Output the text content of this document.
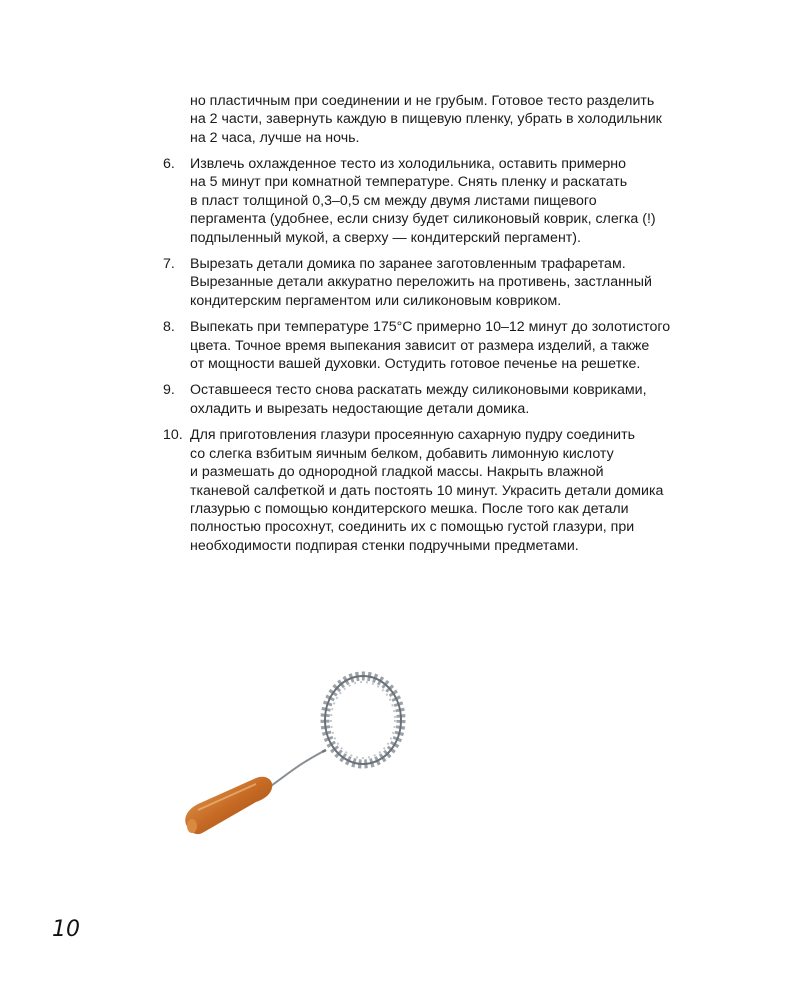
но пластичным при соединении и не грубым. Готовое тесто разделить
на 2 части, завернуть каждую в пищевую пленку, убрать в холодильник
на 2 часа, лучше на ночь.
6. Извлечь охлажденное тесто из холодильника, оставить примерно
на 5 минут при комнатной температуре. Снять пленку и раскатать
в пласт толщиной 0,3–0,5 см между двумя листами пищевого
пергамента (удобнее, если снизу будет силиконовый коврик, слегка (!)
подпыленный мукой, а сверху — кондитерский пергамент).
7. Вырезать детали домика по заранее заготовленным трафаретам.
Вырезанные детали аккуратно переложить на противень, застланный
кондитерским пергаментом или силиконовым ковриком.
8. Выпекать при температуре 175°С примерно 10–12 минут до золотистого
цвета. Точное время выпекания зависит от размера изделий, а также
от мощности вашей духовки. Остудить готовое печенье на решетке.
9. Оставшееся тесто снова раскатать между силиконовыми ковриками,
охладить и вырезать недостающие детали домика.
10. Для приготовления глазури просеянную сахарную пудру соединить
со слегка взбитым яичным белком, добавить лимонную кислоту
и размешать до однородной гладкой массы. Накрыть влажной
тканевой салфеткой и дать постоять 10 минут. Украсить детали домика
глазурью с помощью кондитерского мешка. После того как детали
полностью просохнут, соединить их с помощью густой глазури, при
необходимости подпирая стенки подручными предметами.
10
